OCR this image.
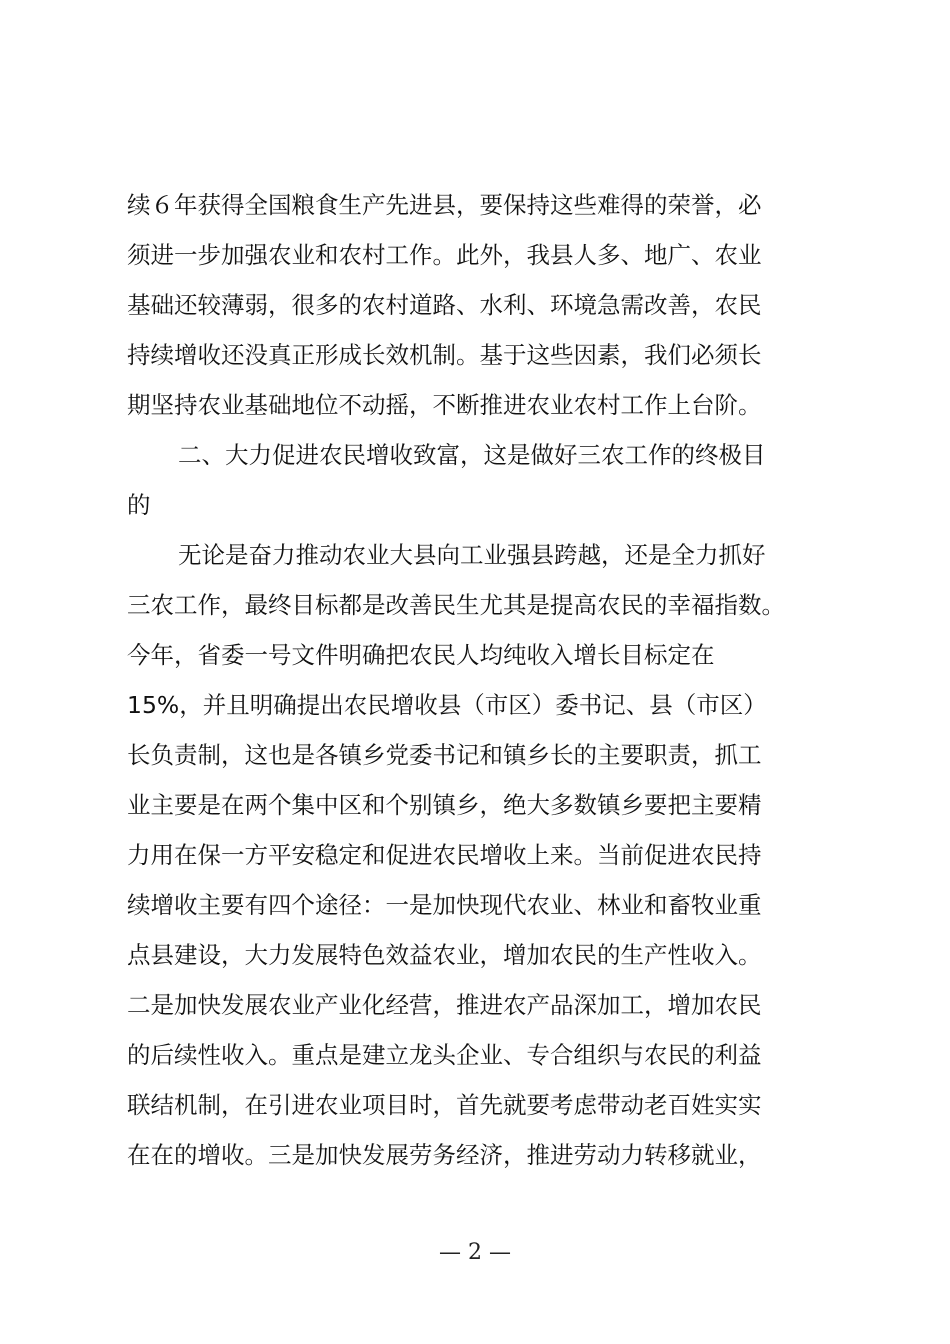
续６年获得全国粮食生产先进县，要保持这些难得的荣誉，必
须进一步加强农业和农村工作。此外，我县人多、地广、农业
基础还较薄弱，很多的农村道路、水利、环境急需改善，农民
持续增收还没真正形成长效机制。基于这些因素，我们必须长
期坚持农业基础地位不动摇，不断推进农业农村工作上台阶。
二、大力促进农民增收致富，这是做好三农工作的终极目
的
无论是奋力推动农业大县向工业强县跨越，还是全力抓好
三农工作，最终目标都是改善民生尤其是提高农民的幸福指数。
今年，省委一号文件明确把农民人均纯收入增长目标定在
15%，并且明确提出农民增收县（市区）委书记、县（市区）
长负责制，这也是各镇乡党委书记和镇乡长的主要职责，抓工
业主要是在两个集中区和个别镇乡，绝大多数镇乡要把主要精
力用在保一方平安稳定和促进农民增收上来。当前促进农民持
续增收主要有四个途径：一是加快现代农业、林业和畜牧业重
点县建设，大力发展特色效益农业，增加农民的生产性收入。
二是加快发展农业产业化经营，推进农产品深加工，增加农民
的后续性收入。重点是建立龙头企业、专合组织与农民的利益
联结机制，在引进农业项目时，首先就要考虑带动老百姓实实
在在的增收。三是加快发展劳务经济，推进劳动力转移就业，
— 2 —
